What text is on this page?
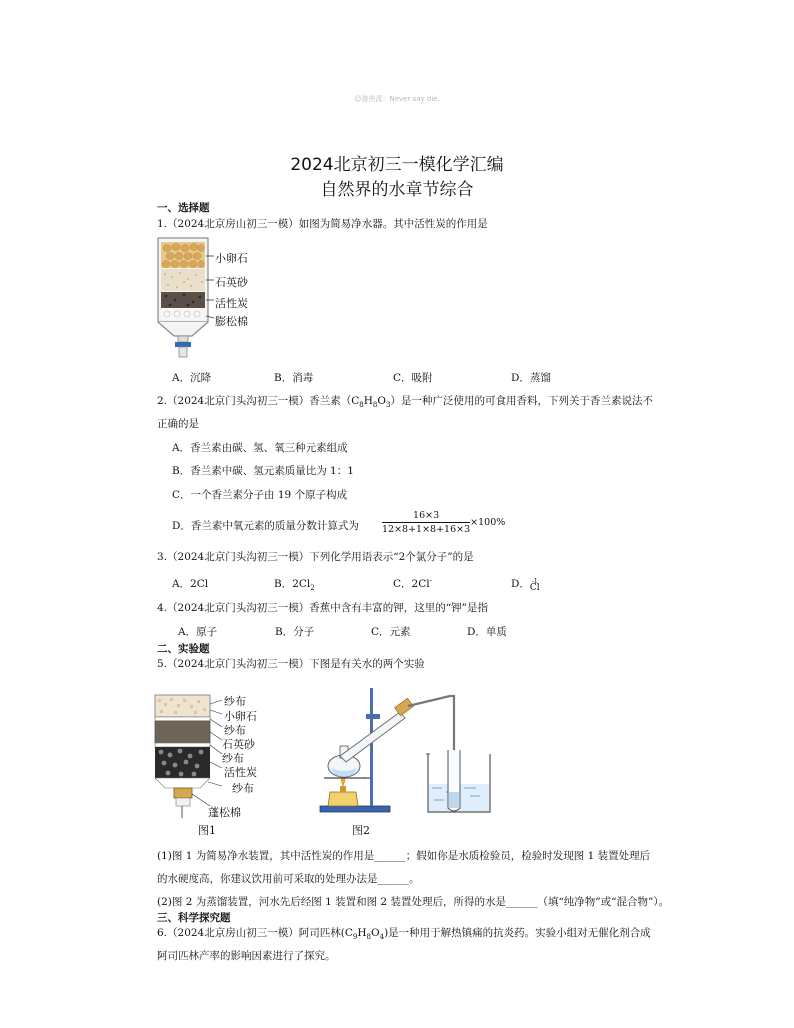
☺游侠派：Never say die.
2024北京初三一模化学汇编
自然界的水章节综合
一、选择题
1.（2024北京房山初三一模）如图为简易净水器。其中活性炭的作用是
小卵石
石英砂
活性炭
膨松棉
A．沉降	B．消毒	C．吸附	D．蒸馏
2.（2024北京门头沟初三一模）香兰素$(C_8H_8O_3)$是一种广泛使用的可食用香料，下列关于香兰素说法不
正确的是
A．香兰素由碳、氢、氧三种元素组成
B．香兰素中碳、氢元素质量比为 1：1
C．一个香兰素分子由 19 个原子构成
D．香兰素中氧元素的质量分数计算式为 $\frac{16\times 3}{12\times 8+1\times 8+16\times 3} \times 100\%$
3.（2024北京门头沟初三一模）下列化学用语表示“2个氯分子”的是
A．2Cl	B．$2Cl_2$	C．2Cl-	D． -1
Cl
4.（2024北京门头沟初三一模）香蕉中含有丰富的钾，这里的“钾”是指
A．原子	B．分子	C．元素	D．单质
二、实验题
5.（2024北京门头沟初三一模）下图是有关水的两个实验
纱布
小卵石
纱布
石英砂
纱布
活性炭
纱布
蓬松棉
图1	图2
(1)图 1 为简易净水装置，其中活性炭的作用是______；假如你是水质检验员，检验时发现图 1 装置处理后
的水硬度高，你建议饮用前可采取的处理办法是______。
(2)图 2 为蒸馏装置，河水先后经图 1 装置和图 2 装置处理后，所得的水是______（填“纯净物”或“混合物”）。
三、科学探究题
6.（2024北京房山初三一模）阿司匹林$(C_9H_8O_4)$是一种用于解热镇痛的抗炎药。实验小组对无催化剂合成
阿司匹林产率的影响因素进行了探究。
